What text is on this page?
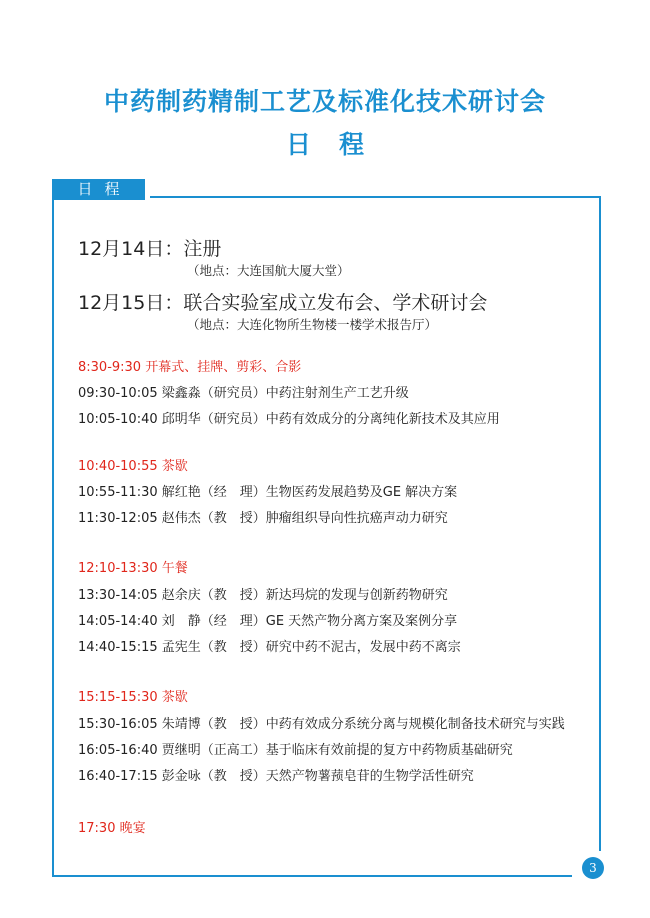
中药制药精制工艺及标准化技术研讨会
日程
日程

12月14日：注册

（地点：大连国航大厦大堂）

12月15日：联合实验室成立发布会、学术研讨会

（地点：大连化物所生物楼一楼学术报告厅）
8:30-9:30 开幕式、挂牌、剪彩、合影
09:30-10:05 梁鑫淼（研究员）中药注射剂生产工艺升级
10:05-10:40 邱明华（研究员）中药有效成分的分离纯化新技术及其应用
10:40-10:55 茶歇
10:55-11:30 解红艳（经　理）生物医药发展趋势及GE 解决方案
11:30-12:05 赵伟杰（教　授）肿瘤组织导向性抗癌声动力研究
12:10-13:30 午餐
13:30-14:05 赵余庆（教　授）新达玛烷的发现与创新药物研究
14:05-14:40 刘　静（经　理）GE 天然产物分离方案及案例分享
14:40-15:15 孟宪生（教　授）研究中药不泥古，发展中药不离宗
15:15-15:30 茶歇
15:30-16:05 朱靖博（教　授）中药有效成分系统分离与规模化制备技术研究与实践
16:05-16:40 贾继明（正高工）基于临床有效前提的复方中药物质基础研究
16:40-17:15 彭金咏（教　授）天然产物薯蓣皂苷的生物学活性研究
17:30 晚宴
3
